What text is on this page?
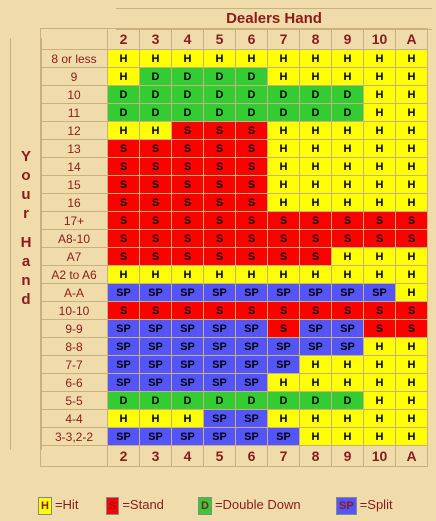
Dealers Hand
Y
o
u
r
H
a
n
d
	2	3	4	5	6	7	8	9	10	A
8 or less	H	H	H	H	H	H	H	H	H	H
9	H	D	D	D	D	H	H	H	H	H
10	D	D	D	D	D	D	D	D	H	H
11	D	D	D	D	D	D	D	D	H	H
12	H	H	S	S	S	H	H	H	H	H
13	S	S	S	S	S	H	H	H	H	H
14	S	S	S	S	S	H	H	H	H	H
15	S	S	S	S	S	H	H	H	H	H
16	S	S	S	S	S	H	H	H	H	H
17+	S	S	S	S	S	S	S	S	S	S
A8-10	S	S	S	S	S	S	S	S	S	S
A7	S	S	S	S	S	S	S	H	H	H
A2 to A6	H	H	H	H	H	H	H	H	H	H
A-A	SP	SP	SP	SP	SP	SP	SP	SP	SP	H
10-10	S	S	S	S	S	S	S	S	S	S
9-9	SP	SP	SP	SP	SP	S	SP	SP	S	S
8-8	SP	SP	SP	SP	SP	SP	SP	SP	H	H
7-7	SP	SP	SP	SP	SP	SP	H	H	H	H
6-6	SP	SP	SP	SP	SP	H	H	H	H	H
5-5	D	D	D	D	D	D	D	D	H	H
4-4	H	H	H	SP	SP	H	H	H	H	H
3-3,2-2	SP	SP	SP	SP	SP	SP	H	H	H	H
	2	3	4	5	6	7	8	9	10	A
H =Hit	S =Stand	D =Double Down	SP =Split
